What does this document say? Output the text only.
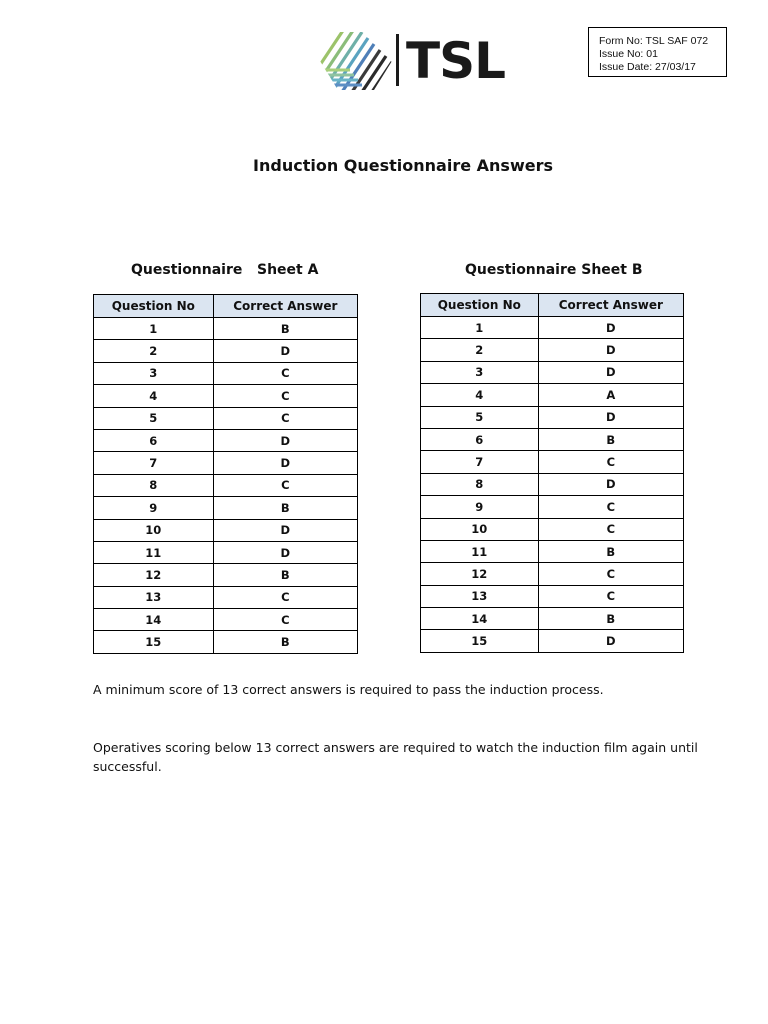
TSL	Form No: TSL SAF 072
Issue No: 01
Issue Date: 27/03/17
Induction Questionnaire Answers
Questionnaire   Sheet A	Questionnaire Sheet B
Question No	Correct Answer
1	B
2	D
3	C
4	C
5	C
6	D
7	D
8	C
9	B
10	D
11	D
12	B
13	C
14	C
15	B
Question No	Correct Answer
1	D
2	D
3	D
4	A
5	D
6	B
7	C
8	D
9	C
10	C
11	B
12	C
13	C
14	B
15	D
A minimum score of 13 correct answers is required to pass the induction process.
Operatives scoring below 13 correct answers are required to watch the induction film again until successful.
